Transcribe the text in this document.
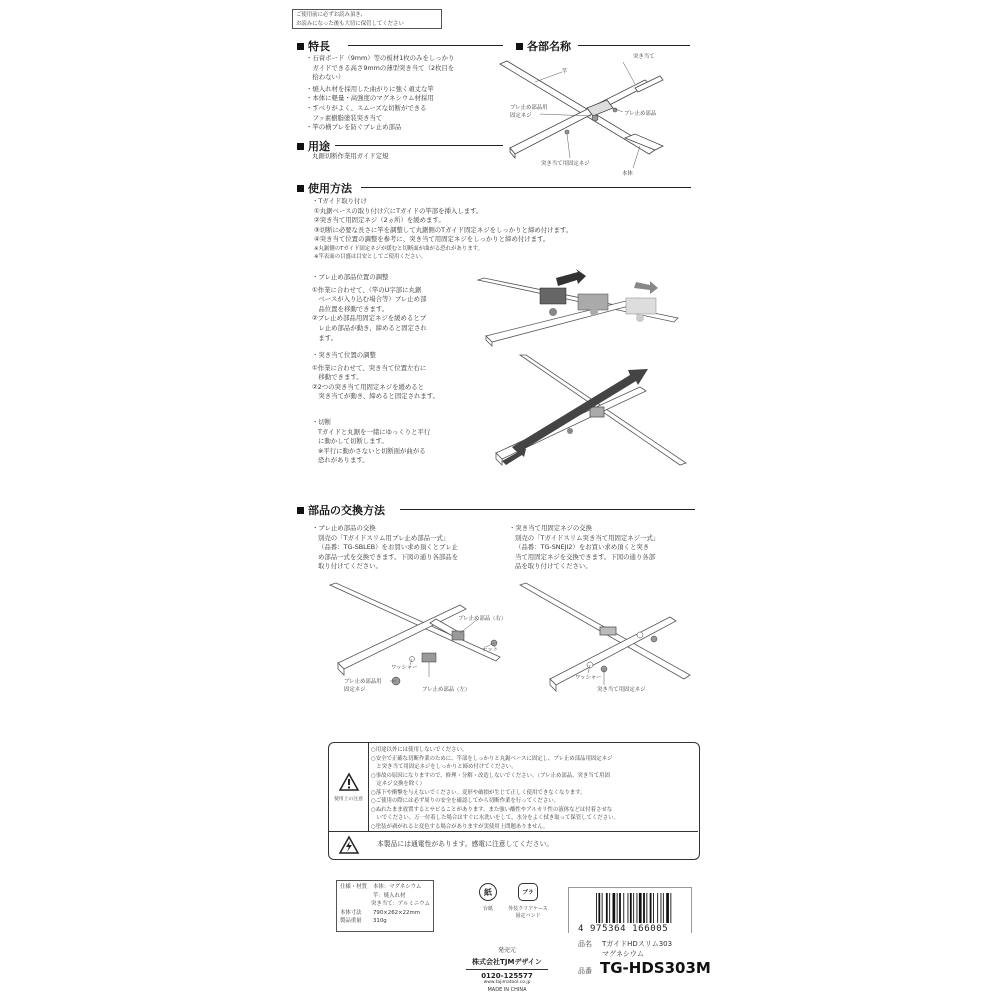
ご使用前に必ずお読み頂き、
お読みになった後も大切に保管してください
特長
・石膏ボード（9mm）等の板材1枚のみをしっかり
　ガイドできる高さ9mmの薄型突き当て（2枚目を
　拾わない）
・焼入れ材を採用した曲がりに強く頑丈な竿
・本体に軽量・高強度のマグネシウム材採用
・すべりがよく、スムーズな切断ができる
　フッ素樹脂塗装突き当て
・竿の横ブレを防ぐブレ止め部品
用途
丸鋸切断作業用ガイド定規
各部名称
突き当て
竿
ブレ止め部品
ブレ止め部品用
固定ネジ
突き当て用固定ネジ
本体
使用方法
・Tガイド取り付け
①丸鋸ベースの取り付け穴にTガイドの竿部を挿入します。
②突き当て用固定ネジ（2ヵ所）を緩めます。
③切断に必要な長さに竿を調整して丸鋸側のTガイド固定ネジをしっかりと締め付けます。
④突き当て位置の調整を参考に、突き当て用固定ネジをしっかりと締め付けます。
※丸鋸側のTガイド固定ネジが緩むと切断面が曲がる恐れがあります。
※竿表面の目盛は目安としてご使用ください。
・ブレ止め部品位置の調整
①作業に合わせて、（竿のU字部に丸鋸
　ベースが入り込む場合等）ブレ止め部
　品位置を移動できます。
②ブレ止め部品用固定ネジを緩めるとブ
　レ止め部品が動き、締めると固定され
　ます。
・突き当て位置の調整
①作業に合わせて、突き当て位置左右に
　移動できます。
②2つの突き当て用固定ネジを緩めると
　突き当てが動き、締めると固定されます。
・切断
Tガイドと丸鋸を一緒にゆっくりと平行
に動かして切断します。
※平行に動かさないと切断面が曲がる
恐れがあります。
部品の交換方法
・ブレ止め部品の交換
別売の「Tガイドスリム用ブレ止め部品一式」
（品番：TG-SBLEB）をお買い求め頂くとブレ止
め部品一式を交換できます。下図の通り各部品を
取り付けてください。
・突き当て用固定ネジの交換
別売の「Tガイドスリム突き当て用固定ネジ一式」
（品番：TG-SNEJI2）をお買い求め頂くと突き
当て用固定ネジを交換できます。下図の通り各部
品を取り付けてください。
ブレ止め部品（右）
ナット
ワッシャー
ブレ止め部品用
固定ネジ	ブレ止め部品（左）
ワッシャー
突き当て用固定ネジ
使用上の注意
○用途以外には使用しないでください。
○安全で正確な切断作業のために、竿部をしっかりと丸鋸ベースに固定し、ブレ止め部品用固定ネジ
　と突き当て用固定ネジをしっかりと締め付けてください。
○事故の原因になりますので、修理・分解・改造しないでください。（ブレ止め部品、突き当て用固
　定ネジ交換を除く）
○落下や衝撃を与えないでください。変形や破損が生じて正しく使用できなくなります。
○ご使用の際には必ず周りの安全を確認してから切断作業を行ってください。
○ぬれたまま放置するとサビることがあります。また強い酸性やアルカリ性の液体などは付着させな
　いでください。万一付着した場合はすぐに水洗いをして、水分をよく拭き取って保管してください。
○塗装が剥がれると変色する場合がありますが実使用上問題ありません。
本製品には通電性があります。感電に注意してください。
仕様・材質	本体：マグネシウム
竿：焼入れ材
突き当て：アルミニウム
本体寸法	790×262×22mm
製品重量	310g
紙
台紙
プラ
外装クリアケース
固定バンド
4 975364 166005
品名 TガイドHDスリム303
マグネシウム
品番 TG-HDS303M
発売元
株式会社TJMデザイン
0120-125577
www.tajimatool.co.jp
MADE IN CHINA
